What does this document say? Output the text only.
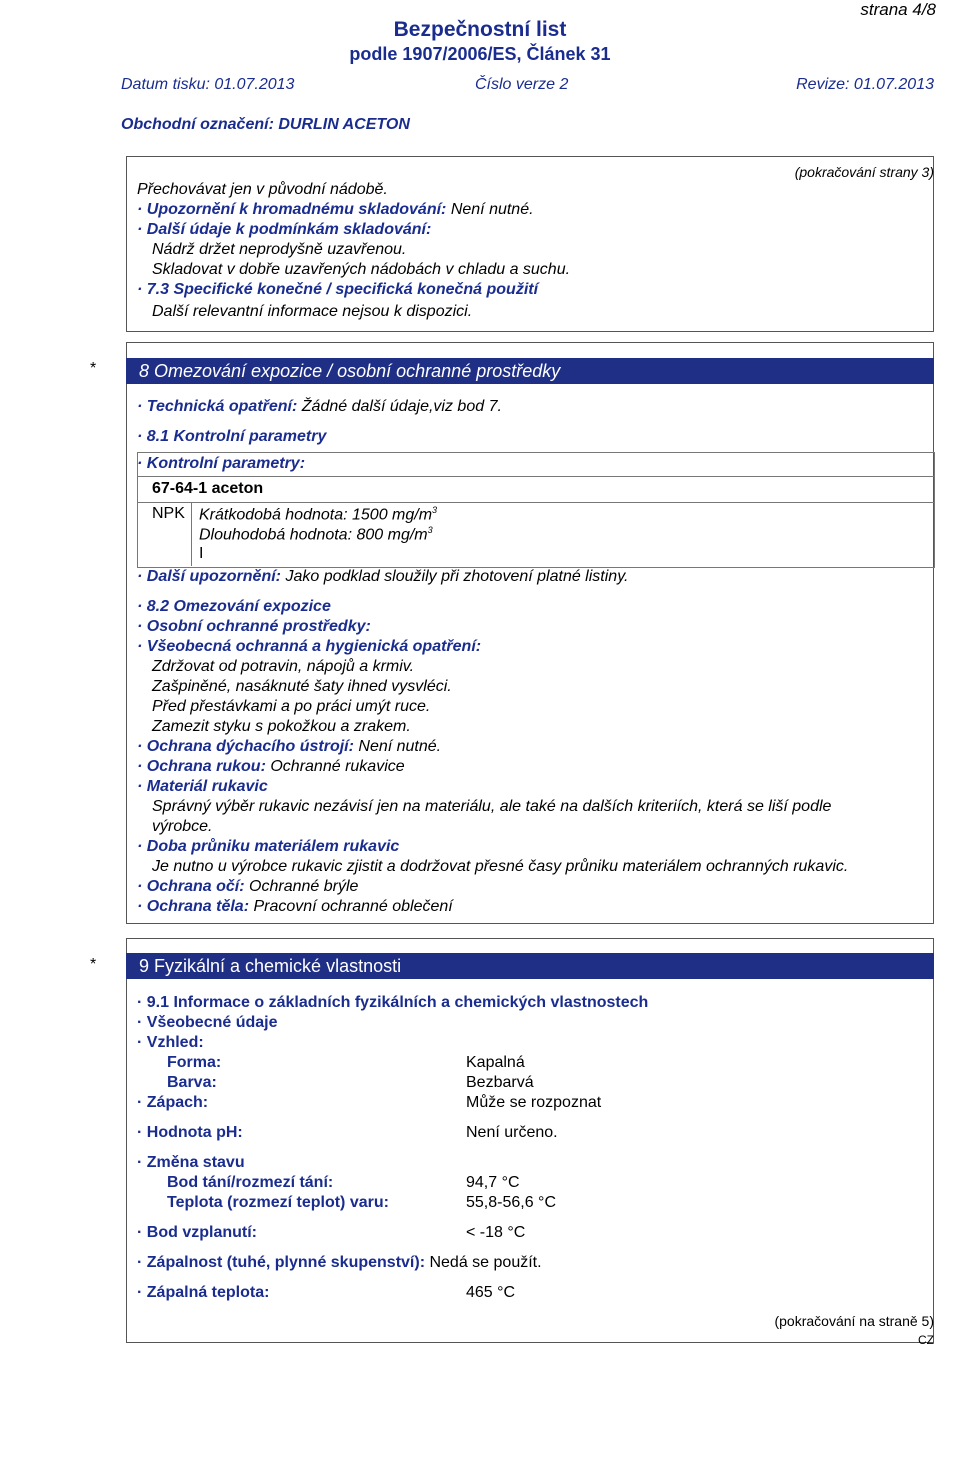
strana 4/8
Bezpečnostní list
podle 1907/2006/ES, Článek 31
Datum tisku: 01.07.2013	Číslo verze 2	Revize: 01.07.2013
Obchodní označení: DURLIN ACETON
(pokračování strany 3)
Přechovávat jen v původní nádobě.
· Upozornění k hromadnému skladování: Není nutné.
· Další údaje k podmínkám skladování:
Nádrž držet neprodyšně uzavřenou.
Skladovat v dobře uzavřených nádobách v chladu a suchu.
· 7.3 Specifické konečné / specifická konečná použití
Další relevantní informace nejsou k dispozici.
*	8 Omezování expozice / osobní ochranné prostředky
· Technická opatření: Žádné další údaje,viz bod 7.
· 8.1 Kontrolní parametry
· Kontrolní parametry:
67-64-1 aceton
NPK Krátkodobá hodnota: 1500 $mg/m^3$
Dlouhodobá hodnota: 800 $mg/m^3$
I
· Další upozornění: Jako podklad sloužily při zhotovení platné listiny.
· 8.2 Omezování expozice
· Osobní ochranné prostředky:
· Všeobecná ochranná a hygienická opatření:
Zdržovat od potravin, nápojů a krmiv.
Zašpiněné, nasáknuté šaty ihned vysvléci.
Před přestávkami a po práci umýt ruce.
Zamezit styku s pokožkou a zrakem.
· Ochrana dýchacího ústrojí: Není nutné.
· Ochrana rukou: Ochranné rukavice
· Materiál rukavic
Správný výběr rukavic nezávisí jen na materiálu, ale také na dalších kriteriích, která se liší podle
výrobce.
· Doba průniku materiálem rukavic
Je nutno u výrobce rukavic zjistit a dodržovat přesné časy průniku materiálem ochranných rukavic.
· Ochrana očí: Ochranné brýle
· Ochrana těla: Pracovní ochranné oblečení
*	9 Fyzikální a chemické vlastnosti
· 9.1 Informace o základních fyzikálních a chemických vlastnostech
· Všeobecné údaje
· Vzhled:
Forma:	Kapalná
Barva:	Bezbarvá
· Zápach:	Může se rozpoznat
· Hodnota pH:	Není určeno.
· Změna stavu
Bod tání/rozmezí tání:	94,7 °C
Teplota (rozmezí teplot) varu:	55,8-56,6 °C
· Bod vzplanutí:	< -18 °C
· Zápalnost (tuhé, plynné skupenství): Nedá se použít.
· Zápalná teplota:	465 °C
(pokračování na straně 5)
CZ
